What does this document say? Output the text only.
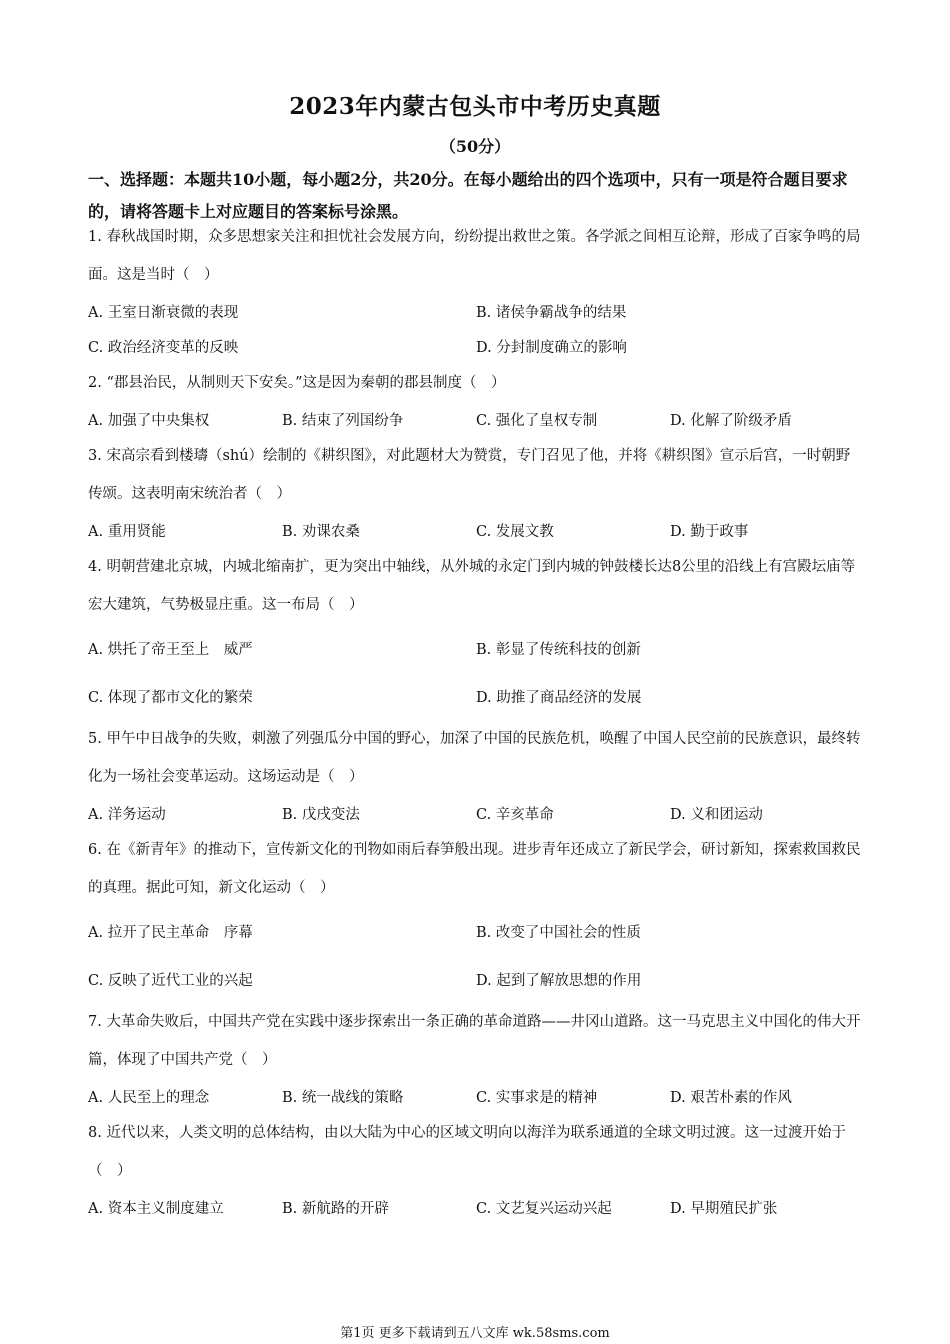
2023年内蒙古包头市中考历史真题
（50分）
一、选择题：本题共10小题，每小题2分，共20分。在每小题给出的四个选项中，只有一项是符合题目要求的，请将答题卡上对应题目的答案标号涂黑。

1. 春秋战国时期，众多思想家关注和担忧社会发展方向，纷纷提出救世之策。各学派之间相互论辩，形成了百家争鸣的局面。这是当时（　）

A. 王室日渐衰微的表现	B. 诸侯争霸战争的结果
C. 政治经济变革的反映	D. 分封制度确立的影响

2. “郡县治民，从制则天下安矣。”这是因为秦朝的郡县制度（　）

A. 加强了中央集权	B. 结束了列国纷争	C. 强化了皇权专制	D. 化解了阶级矛盾

3. 宋高宗看到楼璹（shú）绘制的《耕织图》，对此题材大为赞赏，专门召见了他，并将《耕织图》宣示后宫，一时朝野传颂。这表明南宋统治者（　）

A. 重用贤能	B. 劝课农桑	C. 发展文教	D. 勤于政事

4. 明朝营建北京城，内城北缩南扩，更为突出中轴线，从外城的永定门到内城的钟鼓楼长达8公里的沿线上有宫殿坛庙等宏大建筑，气势极显庄重。这一布局（　）

A. 烘托了帝王至上　威严	B. 彰显了传统科技的创新
C. 体现了都市文化的繁荣	D. 助推了商品经济的发展

5. 甲午中日战争的失败，刺激了列强瓜分中国的野心，加深了中国的民族危机，唤醒了中国人民空前的民族意识，最终转化为一场社会变革运动。这场运动是（　）

A. 洋务运动	B. 戊戌变法	C. 辛亥革命	D. 义和团运动

6. 在《新青年》的推动下，宣传新文化的刊物如雨后春笋般出现。进步青年还成立了新民学会，研讨新知，探索救国救民的真理。据此可知，新文化运动（　）

A. 拉开了民主革命　序幕	B. 改变了中国社会的性质
C. 反映了近代工业的兴起	D. 起到了解放思想的作用

7. 大革命失败后，中国共产党在实践中逐步探索出一条正确的革命道路——井冈山道路。这一马克思主义中国化的伟大开篇，体现了中国共产党（　）

A. 人民至上的理念	B. 统一战线的策略	C. 实事求是的精神	D. 艰苦朴素的作风

8. 近代以来，人类文明的总体结构，由以大陆为中心的区域文明向以海洋为联系通道的全球文明过渡。这一过渡开始于（　）

A. 资本主义制度建立	B. 新航路的开辟	C. 文艺复兴运动兴起	D. 早期殖民扩张
第1页 更多下载请到五八文库 wk.58sms.com
